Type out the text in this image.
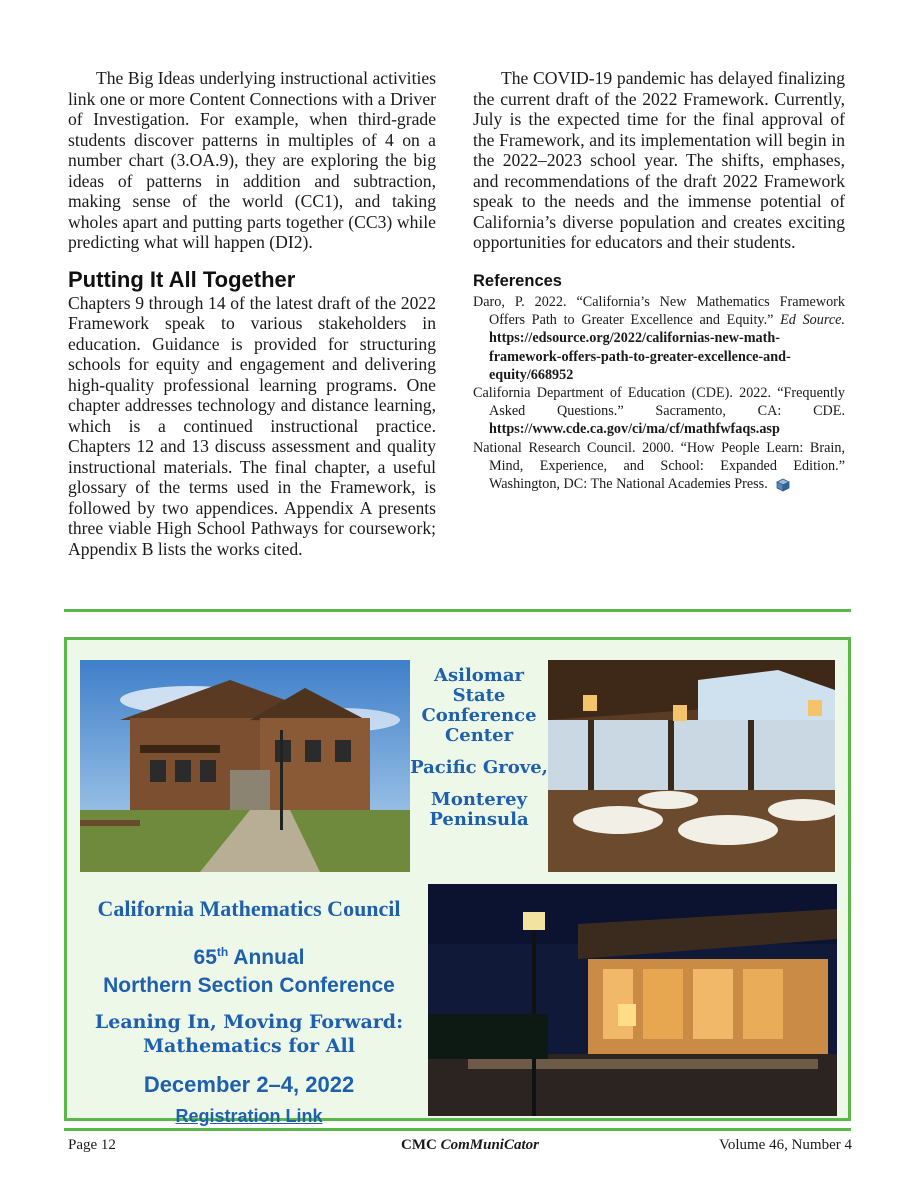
The Big Ideas underlying instructional activities link one or more Content Connections with a Driver of Investigation. For example, when third-grade students discover patterns in multiples of 4 on a number chart (3.OA.9), they are exploring the big ideas of patterns in addition and subtraction, making sense of the world (CC1), and taking wholes apart and putting parts together (CC3) while predicting what will happen (DI2).

Putting It All Together

Chapters 9 through 14 of the latest draft of the 2022 Framework speak to various stakeholders in education. Guidance is provided for structuring schools for equity and engagement and delivering high-quality professional learning programs. One chapter addresses technology and distance learning, which is a continued instructional practice. Chapters 12 and 13 discuss assessment and quality instructional materials. The final chapter, a useful glossary of the terms used in the Framework, is followed by two appendices. Appendix A presents three viable High School Pathways for coursework; Appendix B lists the works cited.

The COVID-19 pandemic has delayed finalizing the current draft of the 2022 Framework. Currently, July is the expected time for the final approval of the Framework, and its implementation will begin in the 2022–2023 school year. The shifts, emphases, and recommendations of the draft 2022 Framework speak to the needs and the immense potential of California’s diverse population and creates exciting opportunities for educators and their students.

References

Daro, P. 2022. “California’s New Mathematics Framework Offers Path to Greater Excellence and Equity.” Ed Source. https://edsource.org/2022/californias-new-math-framework-offers-path-to-greater-excellence-and-equity/668952

California Department of Education (CDE). 2022. “Frequently Asked Questions.” Sacramento, CA: CDE. https://www.cde.ca.gov/ci/ma/cf/mathfwfaqs.asp

National Research Council. 2000. “How People Learn: Brain, Mind, Experience, and School: Expanded Edition.” Washington, DC: The National Academies Press.

Asilomar State Conference Center

Pacific Grove,

Monterey Peninsula

California Mathematics Council
65th Annual
Northern Section Conference
Leaning In, Moving Forward:
Mathematics for All
December 2–4, 2022
Registration Link
Page 12	CMC ComMuniCator	Volume 46, Number 4
